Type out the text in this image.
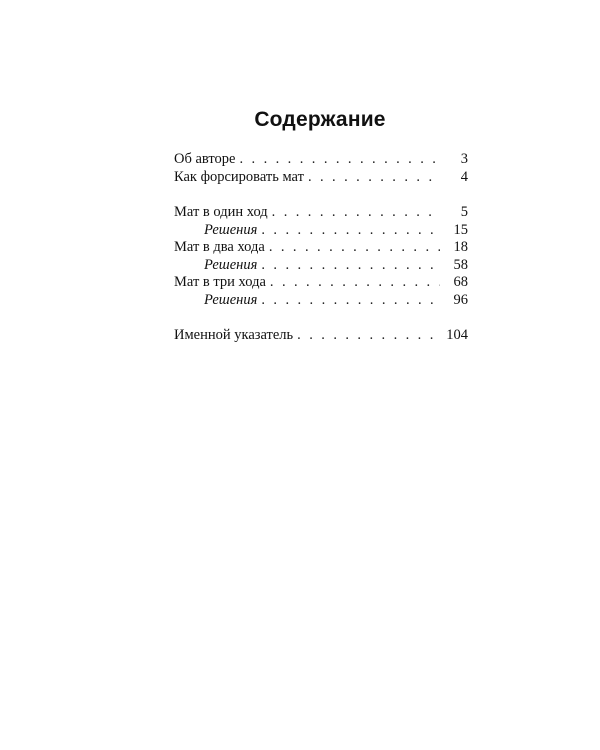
Содержание
Об авторе . . .	3
Как форсировать мат . . .	4
Мат в один ход . . .	5
Решения . . .	15
Мат в два хода . . .	18
Решения . . .	58
Мат в три хода . . .	68
Решения . . .	96
Именной указатель . . .	104
